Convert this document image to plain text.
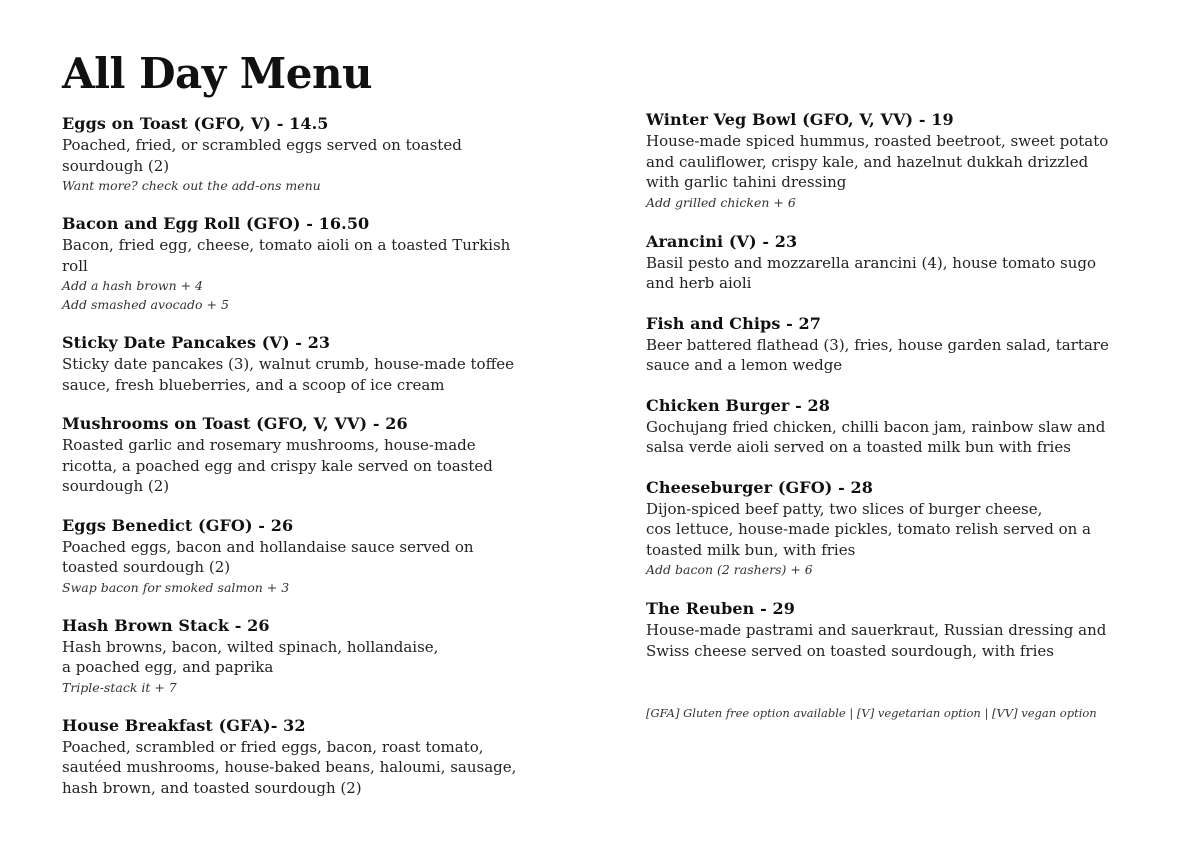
All Day Menu
Eggs on Toast (GFO, V) - 14.5
Poached, fried, or scrambled eggs served on toasted
sourdough (2)
Want more? check out the add-ons menu
Bacon and Egg Roll (GFO) - 16.50
Bacon, fried egg, cheese, tomato aioli on a toasted Turkish
roll
Add a hash brown + 4
Add smashed avocado + 5
Sticky Date Pancakes (V) - 23
Sticky date pancakes (3), walnut crumb, house-made toffee
sauce, fresh blueberries, and a scoop of ice cream
Mushrooms on Toast (GFO, V, VV) - 26
Roasted garlic and rosemary mushrooms, house-made
ricotta, a poached egg and crispy kale served on toasted
sourdough (2)
Eggs Benedict (GFO) - 26
Poached eggs, bacon and hollandaise sauce served on
toasted sourdough (2)
Swap bacon for smoked salmon + 3
Hash Brown Stack - 26
Hash browns, bacon, wilted spinach, hollandaise,
a poached egg, and paprika
Triple-stack it + 7
House Breakfast (GFA)- 32
Poached, scrambled or fried eggs, bacon, roast tomato,
sautéed mushrooms, house-baked beans, haloumi, sausage,
hash brown, and toasted sourdough (2)
Winter Veg Bowl (GFO, V, VV) - 19
House-made spiced hummus, roasted beetroot, sweet potato
and cauliflower, crispy kale, and hazelnut dukkah drizzled
with garlic tahini dressing
Add grilled chicken + 6
Arancini (V) - 23
Basil pesto and mozzarella arancini (4), house tomato sugo
and herb aioli
Fish and Chips - 27
Beer battered flathead (3), fries, house garden salad, tartare
sauce and a lemon wedge
Chicken Burger - 28
Gochujang fried chicken, chilli bacon jam, rainbow slaw and
salsa verde aioli served on a toasted milk bun with fries
Cheeseburger (GFO) - 28
Dijon-spiced beef patty, two slices of burger cheese,
cos lettuce, house-made pickles, tomato relish served on a
toasted milk bun, with fries
Add bacon (2 rashers) + 6
The Reuben - 29
House-made pastrami and sauerkraut, Russian dressing and
Swiss cheese served on toasted sourdough, with fries
[GFA] Gluten free option available | [V] vegetarian option | [VV] vegan option
